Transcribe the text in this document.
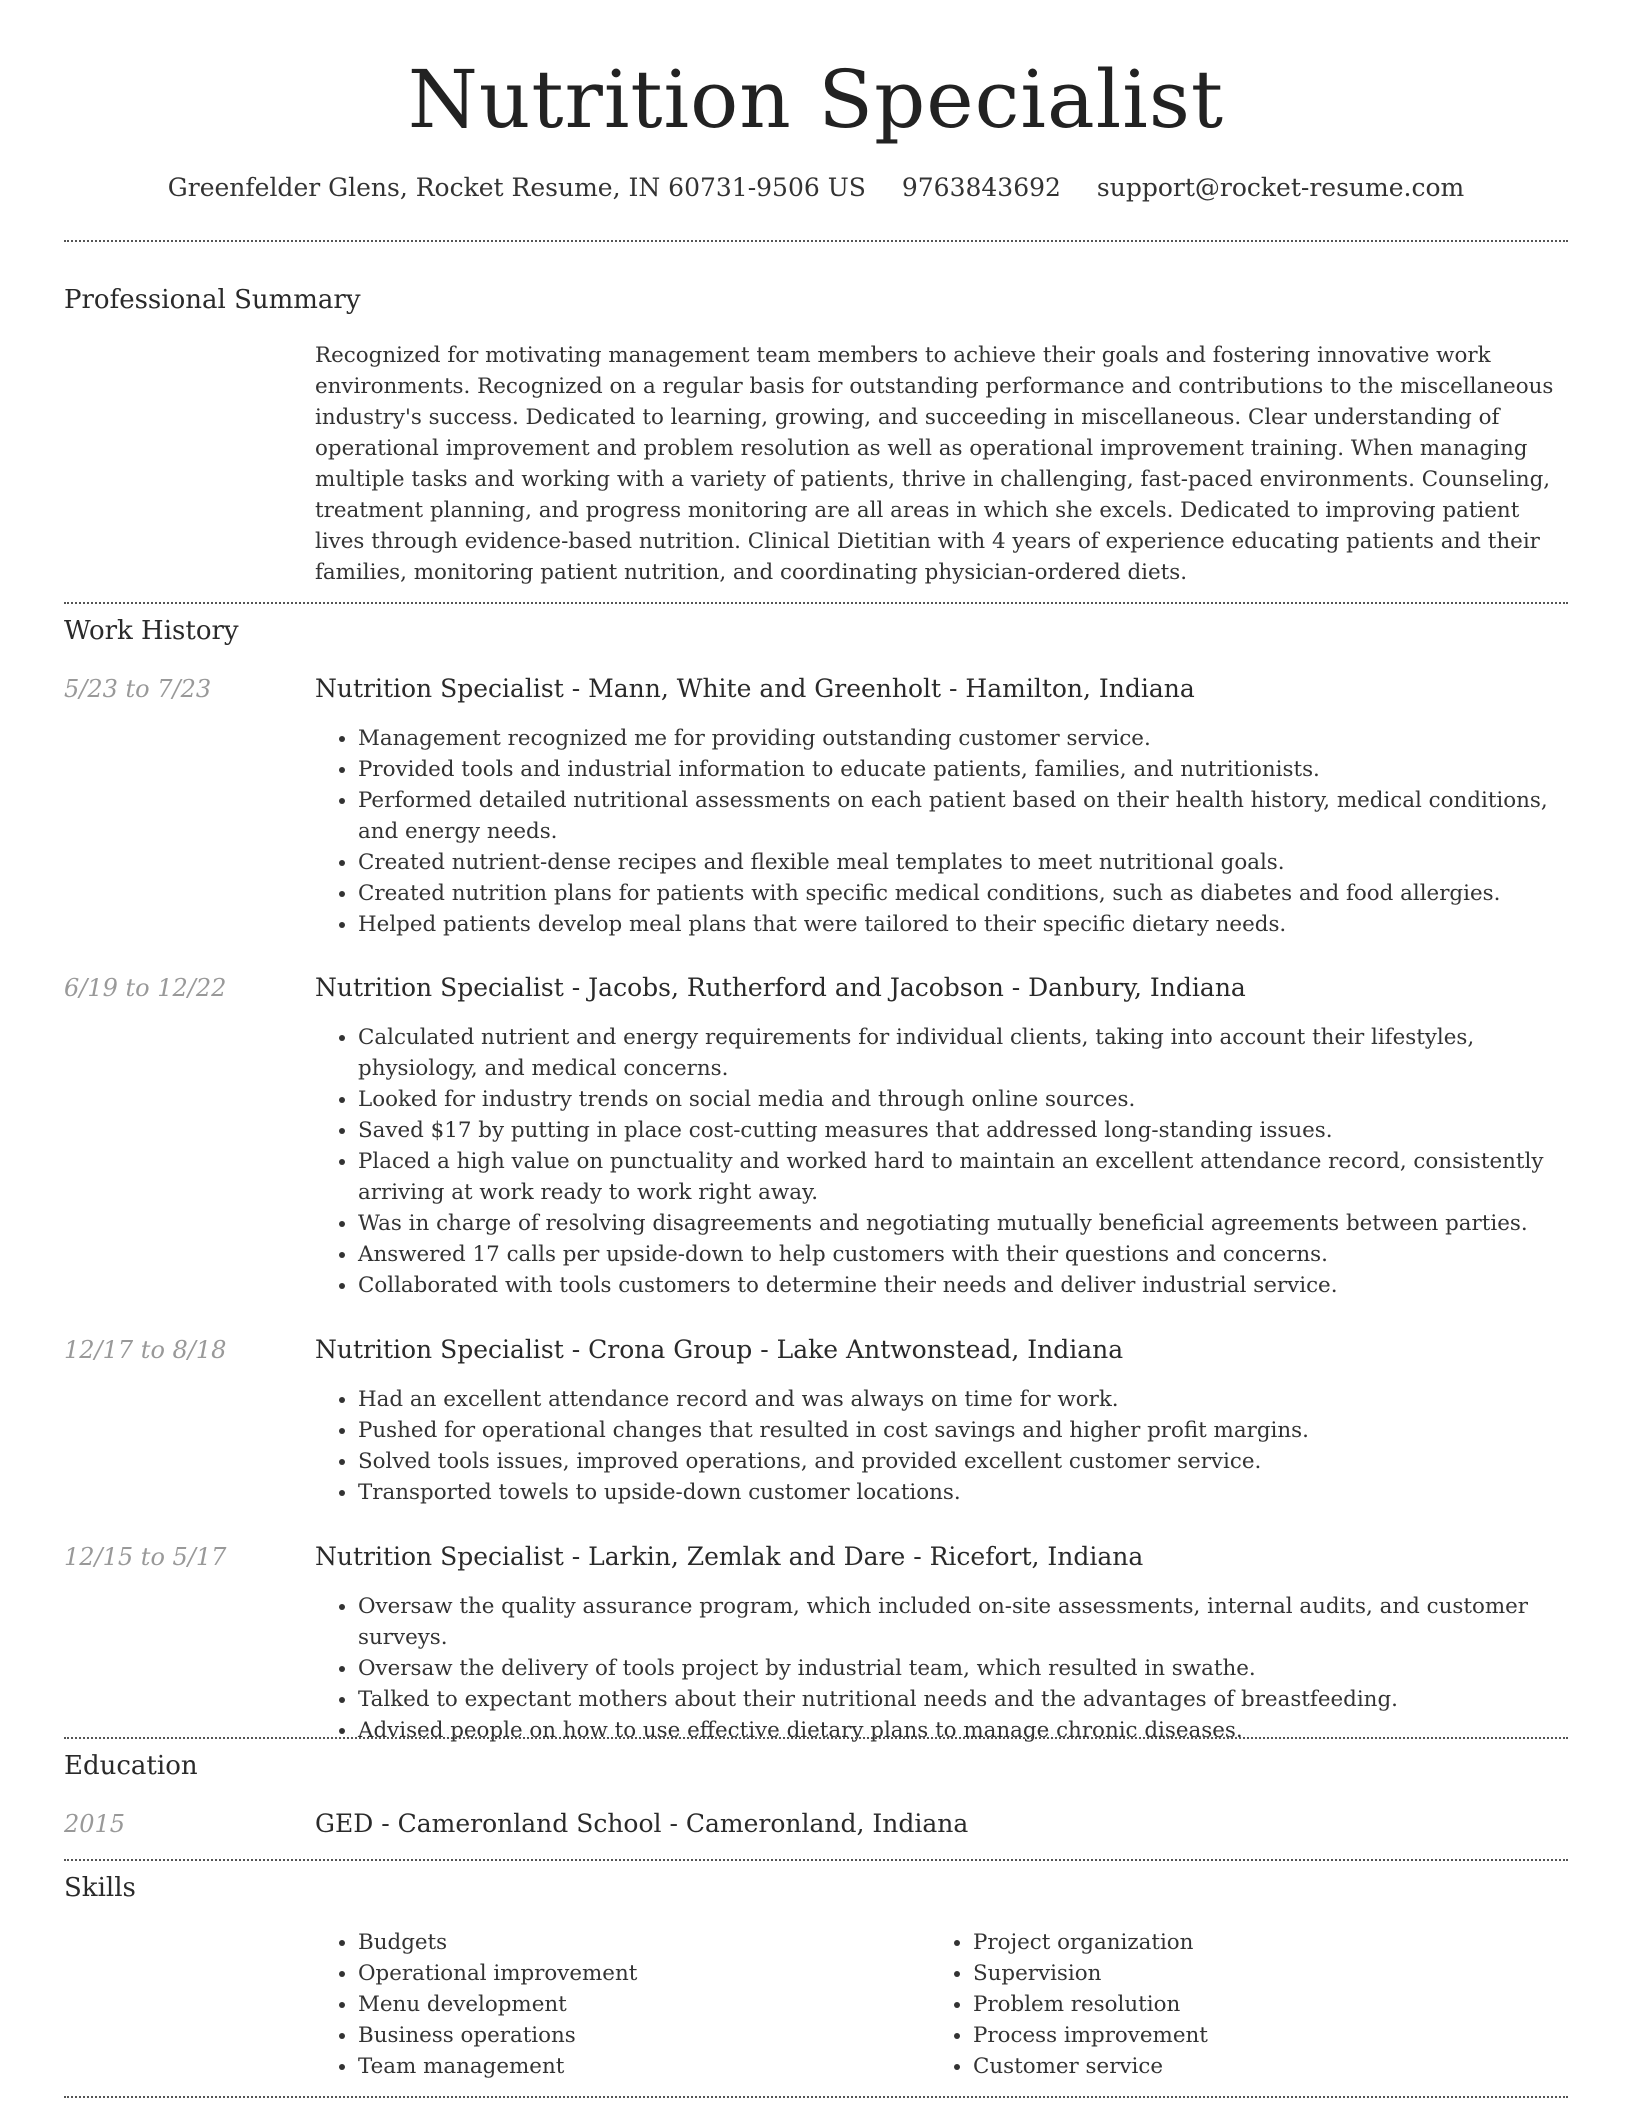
Nutrition Specialist
Greenfelder Glens, Rocket Resume, IN 60731-9506 US 9763843692 support@rocket-resume.com
Professional Summary
Recognized for motivating management team members to achieve their goals and fostering innovative work environments. Recognized on a regular basis for outstanding performance and contributions to the miscellaneous industry's success. Dedicated to learning, growing, and succeeding in miscellaneous. Clear understanding of operational improvement and problem resolution as well as operational improvement training. When managing multiple tasks and working with a variety of patients, thrive in challenging, fast-paced environments. Counseling, treatment planning, and progress monitoring are all areas in which she excels. Dedicated to improving patient lives through evidence-based nutrition. Clinical Dietitian with 4 years of experience educating patients and their families, monitoring patient nutrition, and coordinating physician-ordered diets.
Work History
5/23 to 7/23	Nutrition Specialist - Mann, White and Greenholt - Hamilton, Indiana
• Management recognized me for providing outstanding customer service.
• Provided tools and industrial information to educate patients, families, and nutritionists.
• Performed detailed nutritional assessments on each patient based on their health history, medical conditions, and energy needs.
• Created nutrient-dense recipes and flexible meal templates to meet nutritional goals.
• Created nutrition plans for patients with specific medical conditions, such as diabetes and food allergies.
• Helped patients develop meal plans that were tailored to their specific dietary needs.
6/19 to 12/22	Nutrition Specialist - Jacobs, Rutherford and Jacobson - Danbury, Indiana
• Calculated nutrient and energy requirements for individual clients, taking into account their lifestyles, physiology, and medical concerns.
• Looked for industry trends on social media and through online sources.
• Saved $17 by putting in place cost-cutting measures that addressed long-standing issues.
• Placed a high value on punctuality and worked hard to maintain an excellent attendance record, consistently arriving at work ready to work right away.
• Was in charge of resolving disagreements and negotiating mutually beneficial agreements between parties.
• Answered 17 calls per upside-down to help customers with their questions and concerns.
• Collaborated with tools customers to determine their needs and deliver industrial service.
12/17 to 8/18	Nutrition Specialist - Crona Group - Lake Antwonstead, Indiana
• Had an excellent attendance record and was always on time for work.
• Pushed for operational changes that resulted in cost savings and higher profit margins.
• Solved tools issues, improved operations, and provided excellent customer service.
• Transported towels to upside-down customer locations.
12/15 to 5/17	Nutrition Specialist - Larkin, Zemlak and Dare - Ricefort, Indiana
• Oversaw the quality assurance program, which included on-site assessments, internal audits, and customer surveys.
• Oversaw the delivery of tools project by industrial team, which resulted in swathe.
• Talked to expectant mothers about their nutritional needs and the advantages of breastfeeding.
• Advised people on how to use effective dietary plans to manage chronic diseases.
Education
2015	GED - Cameronland School - Cameronland, Indiana
Skills
• Budgets
• Operational improvement
• Menu development
• Business operations
• Team management
• Project organization
• Supervision
• Problem resolution
• Process improvement
• Customer service
